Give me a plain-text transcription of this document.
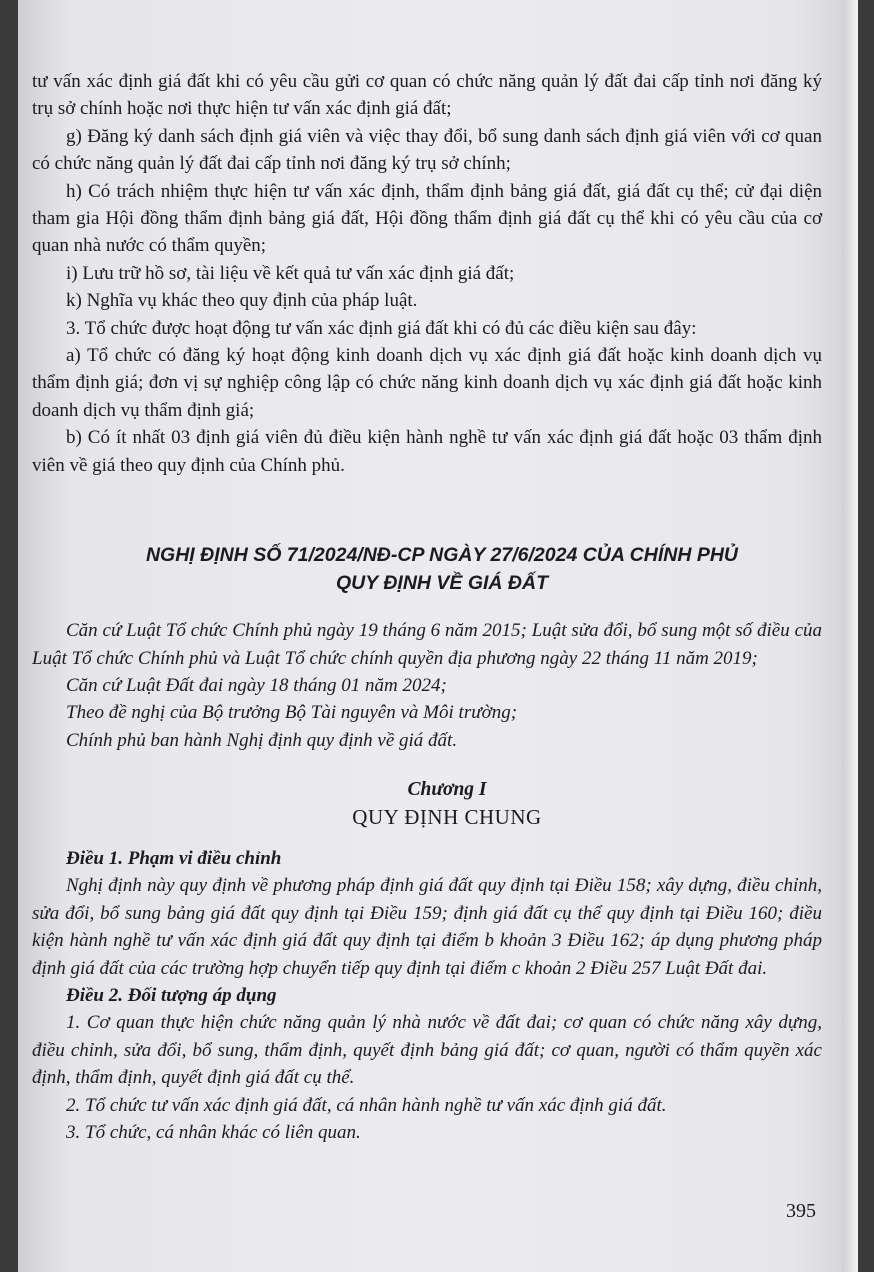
tư vấn xác định giá đất khi có yêu cầu gửi cơ quan có chức năng quản lý đất đai cấp tỉnh nơi đăng ký trụ sở chính hoặc nơi thực hiện tư vấn xác định giá đất;

g) Đăng ký danh sách định giá viên và việc thay đổi, bổ sung danh sách định giá viên với cơ quan có chức năng quản lý đất đai cấp tỉnh nơi đăng ký trụ sở chính;

h) Có trách nhiệm thực hiện tư vấn xác định, thẩm định bảng giá đất, giá đất cụ thể; cử đại diện tham gia Hội đồng thẩm định bảng giá đất, Hội đồng thẩm định giá đất cụ thể khi có yêu cầu của cơ quan nhà nước có thẩm quyền;

i) Lưu trữ hồ sơ, tài liệu về kết quả tư vấn xác định giá đất;

k) Nghĩa vụ khác theo quy định của pháp luật.

3. Tổ chức được hoạt động tư vấn xác định giá đất khi có đủ các điều kiện sau đây:

a) Tổ chức có đăng ký hoạt động kinh doanh dịch vụ xác định giá đất hoặc kinh doanh dịch vụ thẩm định giá; đơn vị sự nghiệp công lập có chức năng kinh doanh dịch vụ xác định giá đất hoặc kinh doanh dịch vụ thẩm định giá;

b) Có ít nhất 03 định giá viên đủ điều kiện hành nghề tư vấn xác định giá đất hoặc 03 thẩm định viên về giá theo quy định của Chính phủ.

NGHỊ ĐỊNH SỐ 71/2024/NĐ-CP NGÀY 27/6/2024 CỦA CHÍNH PHỦ
QUY ĐỊNH VỀ GIÁ ĐẤT

Căn cứ Luật Tổ chức Chính phủ ngày 19 tháng 6 năm 2015; Luật sửa đổi, bổ sung một số điều của Luật Tổ chức Chính phủ và Luật Tổ chức chính quyền địa phương ngày 22 tháng 11 năm 2019;

Căn cứ Luật Đất đai ngày 18 tháng 01 năm 2024;

Theo đề nghị của Bộ trưởng Bộ Tài nguyên và Môi trường;

Chính phủ ban hành Nghị định quy định về giá đất.

Chương I
QUY ĐỊNH CHUNG

Điều 1. Phạm vi điều chỉnh

Nghị định này quy định về phương pháp định giá đất quy định tại Điều 158; xây dựng, điều chỉnh, sửa đổi, bổ sung bảng giá đất quy định tại Điều 159; định giá đất cụ thể quy định tại Điều 160; điều kiện hành nghề tư vấn xác định giá đất quy định tại điểm b khoản 3 Điều 162; áp dụng phương pháp định giá đất của các trường hợp chuyển tiếp quy định tại điểm c khoản 2 Điều 257 Luật Đất đai.

Điều 2. Đối tượng áp dụng

1. Cơ quan thực hiện chức năng quản lý nhà nước về đất đai; cơ quan có chức năng xây dựng, điều chỉnh, sửa đổi, bổ sung, thẩm định, quyết định bảng giá đất; cơ quan, người có thẩm quyền xác định, thẩm định, quyết định giá đất cụ thể.

2. Tổ chức tư vấn xác định giá đất, cá nhân hành nghề tư vấn xác định giá đất.

3. Tổ chức, cá nhân khác có liên quan.

395
